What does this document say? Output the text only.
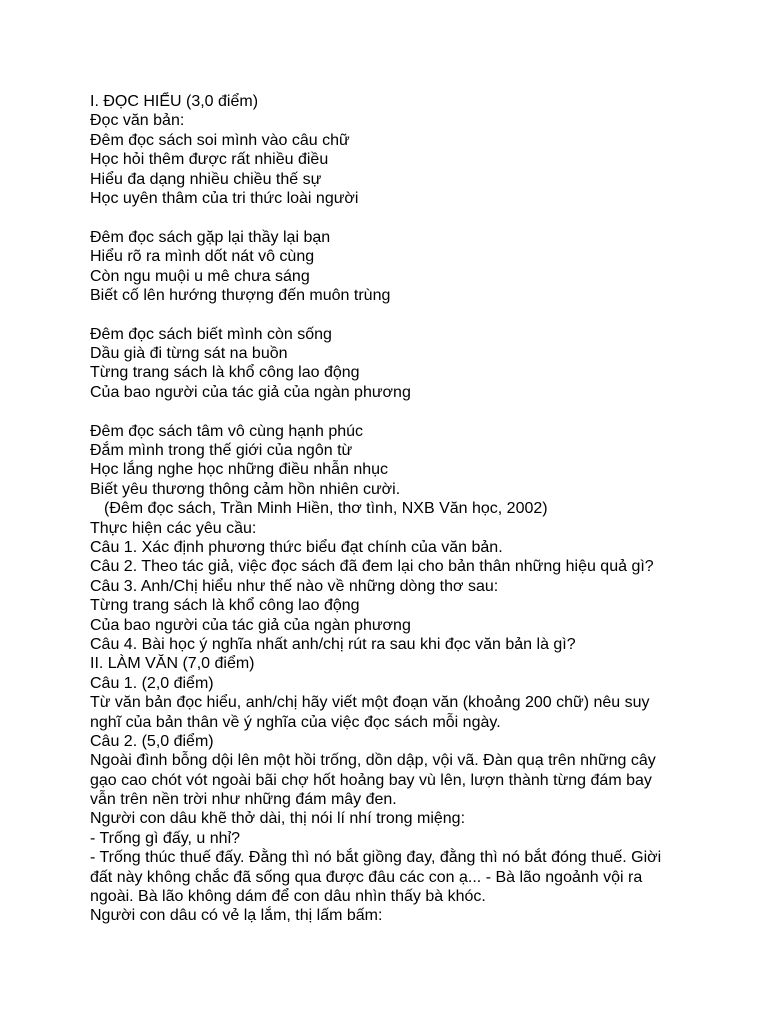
I. ĐỌC HIỂU (3,0 điểm)
Đọc văn bản:
Đêm đọc sách soi mình vào câu chữ
Học hỏi thêm được rất nhiều điều
Hiểu đa dạng nhiều chiều thế sự
Học uyên thâm của tri thức loài người
Đêm đọc sách gặp lại thầy lại bạn
Hiểu rõ ra mình dốt nát vô cùng
Còn ngu muội u mê chưa sáng
Biết cố lên hướng thượng đến muôn trùng
Đêm đọc sách biết mình còn sống
Dầu già đi từng sát na buồn
Từng trang sách là khổ công lao động
Của bao người của tác giả của ngàn phương
Đêm đọc sách tâm vô cùng hạnh phúc
Đắm mình trong thế giới của ngôn từ
Học lắng nghe học những điều nhẫn nhục
Biết yêu thương thông cảm hồn nhiên cười.
(Đêm đọc sách, Trần Minh Hiền, thơ tình, NXB Văn học, 2002)
Thực hiện các yêu cầu:
Câu 1. Xác định phương thức biểu đạt chính của văn bản.
Câu 2. Theo tác giả, việc đọc sách đã đem lại cho bản thân những hiệu quả gì?
Câu 3. Anh/Chị hiểu như thế nào về những dòng thơ sau:
Từng trang sách là khổ công lao động
Của bao người của tác giả của ngàn phương
Câu 4. Bài học ý nghĩa nhất anh/chị rút ra sau khi đọc văn bản là gì?
II. LÀM VĂN (7,0 điểm)
Câu 1. (2,0 điểm)
Từ văn bản đọc hiểu, anh/chị hãy viết một đoạn văn (khoảng 200 chữ) nêu suy
nghĩ của bản thân về ý nghĩa của việc đọc sách mỗi ngày.
Câu 2. (5,0 điểm)
Ngoài đình bỗng dội lên một hồi trống, dồn dập, vội vã. Đàn quạ trên những cây
gạo cao chót vót ngoài bãi chợ hốt hoảng bay vù lên, lượn thành từng đám bay
vẫn trên nền trời như những đám mây đen.
Người con dâu khẽ thở dài, thị nói lí nhí trong miệng:
- Trống gì đấy, u nhỉ?
- Trống thúc thuế đấy. Đằng thì nó bắt giồng đay, đằng thì nó bắt đóng thuế. Giời
đất này không chắc đã sống qua được đâu các con ạ... - Bà lão ngoảnh vội ra
ngoài. Bà lão không dám để con dâu nhìn thấy bà khóc.
Người con dâu có vẻ lạ lắm, thị lấm bấm:
